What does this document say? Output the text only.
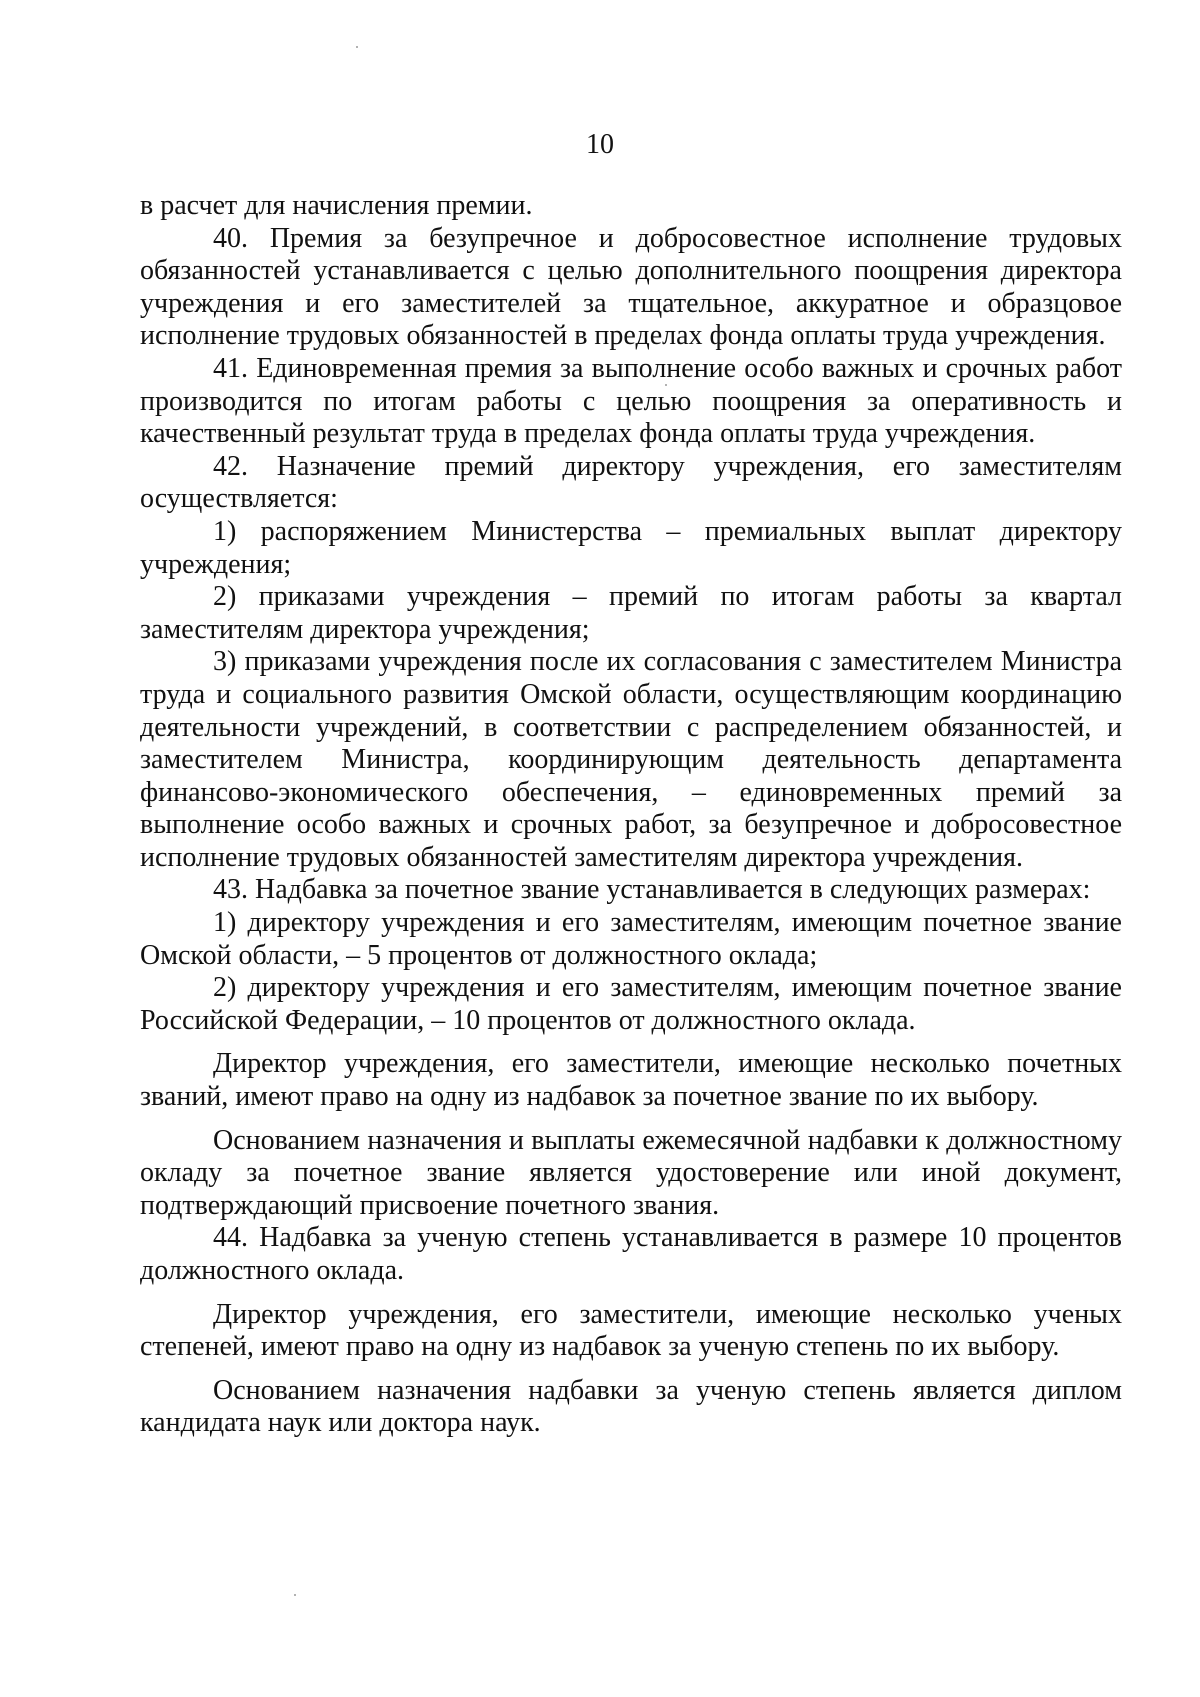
10

в расчет для начисления премии.

40. Премия за безупречное и добросовестное исполнение трудовых обязанностей устанавливается с целью дополнительного поощрения директора учреждения и его заместителей за тщательное, аккуратное и образцовое исполнение трудовых обязанностей в пределах фонда оплаты труда учреждения.

41. Единовременная премия за выполнение особо важных и срочных работ производится по итогам работы с целью поощрения за оперативность и качественный результат труда в пределах фонда оплаты труда учреждения.

42. Назначение премий директору учреждения, его заместителям осуществляется:

1) распоряжением Министерства – премиальных выплат директору учреждения;

2) приказами учреждения – премий по итогам работы за квартал заместителям директора учреждения;

3) приказами учреждения после их согласования с заместителем Министра труда и социального развития Омской области, осуществляющим координацию деятельности учреждений, в соответствии с распределением обязанностей, и заместителем Министра, координирующим деятельность департамента финансово-экономического обеспечения, – единовременных премий за выполнение особо важных и срочных работ, за безупречное и добросовестное исполнение трудовых обязанностей заместителям директора учреждения.

43. Надбавка за почетное звание устанавливается в следующих размерах:

1) директору учреждения и его заместителям, имеющим почетное звание Омской области, – 5 процентов от должностного оклада;

2) директору учреждения и его заместителям, имеющим почетное звание Российской Федерации, – 10 процентов от должностного оклада.

Директор учреждения, его заместители, имеющие несколько почетных званий, имеют право на одну из надбавок за почетное звание по их выбору.

Основанием назначения и выплаты ежемесячной надбавки к должностному окладу за почетное звание является удостоверение или иной документ, подтверждающий присвоение почетного звания.

44. Надбавка за ученую степень устанавливается в размере 10 процентов должностного оклада.

Директор учреждения, его заместители, имеющие несколько ученых степеней, имеют право на одну из надбавок за ученую степень по их выбору.

Основанием назначения надбавки за ученую степень является диплом кандидата наук или доктора наук.
